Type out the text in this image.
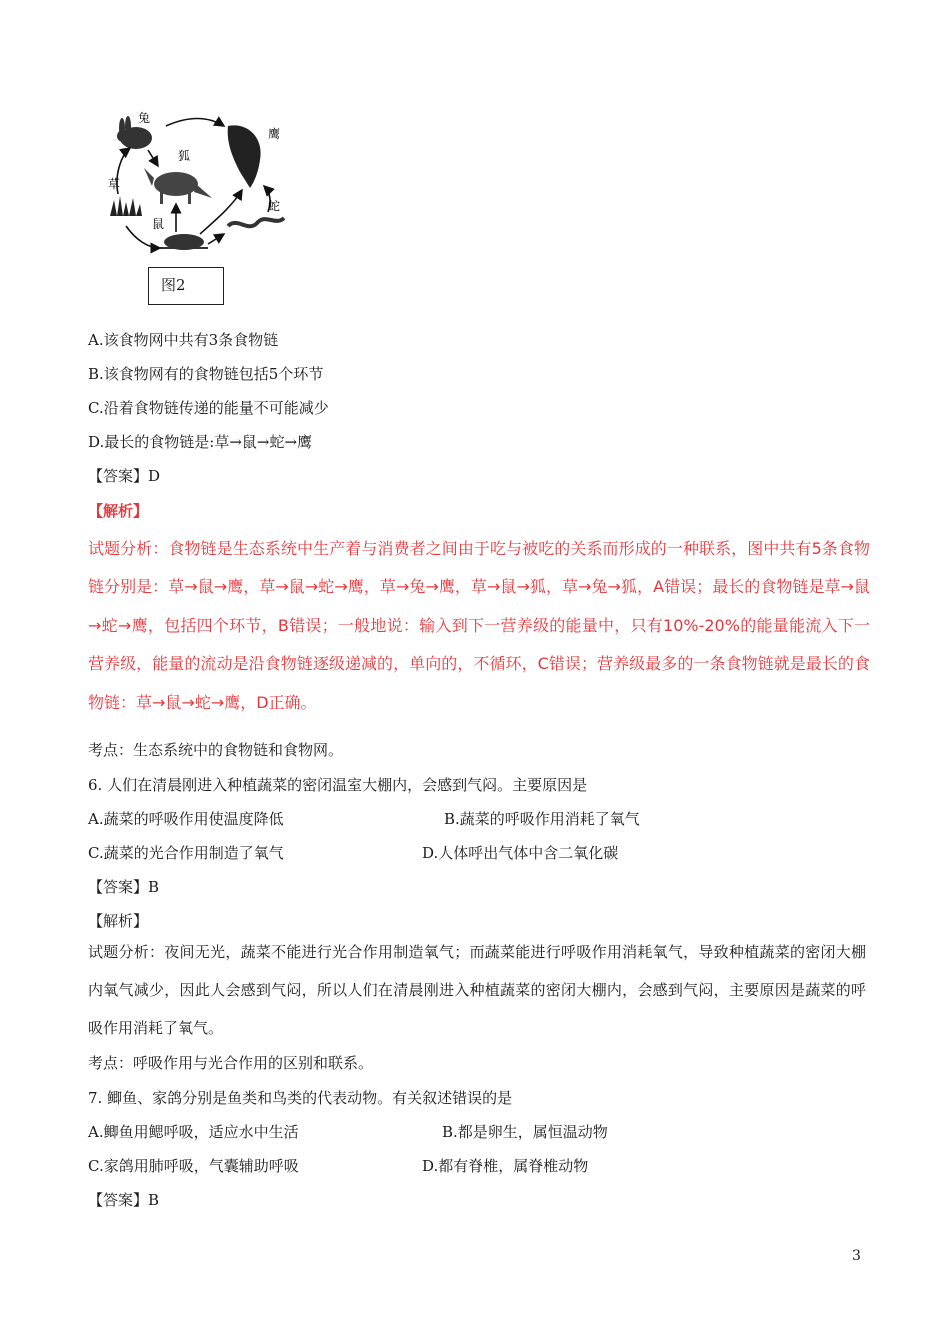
兔
鹰
狐
草
蛇
鼠
图2
A.该食物网中共有3条食物链
B.该食物网有的食物链包括5个环节
C.沿着食物链传递的能量不可能减少
D.最长的食物链是:草→鼠→蛇→鹰
【答案】D
【解析】
试题分析：食物链是生态系统中生产着与消费者之间由于吃与被吃的关系而形成的一种联系，图中共有5条食物链分别是：草→鼠→鹰，草→鼠→蛇→鹰，草→兔→鹰，草→鼠→狐，草→兔→狐，A错误；最长的食物链是草→鼠→蛇→鹰，包括四个环节，B错误；一般地说：输入到下一营养级的能量中，只有10%-20%的能量能流入下一营养级，能量的流动是沿食物链逐级递减的，单向的，不循环，C错误；营养级最多的一条食物链就是最长的食物链：草→鼠→蛇→鹰，D正确。
考点：生态系统中的食物链和食物网。
6. 人们在清晨刚进入种植蔬菜的密闭温室大棚内，会感到气闷。主要原因是
A.蔬菜的呼吸作用使温度降低	B.蔬菜的呼吸作用消耗了氧气
C.蔬菜的光合作用制造了氧气	D.人体呼出气体中含二氧化碳
【答案】B
【解析】
试题分析：夜间无光，蔬菜不能进行光合作用制造氧气；而蔬菜能进行呼吸作用消耗氧气，导致种植蔬菜的密闭大棚内氧气减少，因此人会感到气闷，所以人们在清晨刚进入种植蔬菜的密闭大棚内，会感到气闷，主要原因是蔬菜的呼吸作用消耗了氧气。
考点：呼吸作用与光合作用的区别和联系。
7. 鲫鱼、家鸽分别是鱼类和鸟类的代表动物。有关叙述错误的是
A.鲫鱼用鳃呼吸，适应水中生活	B.都是卵生，属恒温动物
C.家鸽用肺呼吸，气囊辅助呼吸	D.都有脊椎，属脊椎动物
【答案】B
3
